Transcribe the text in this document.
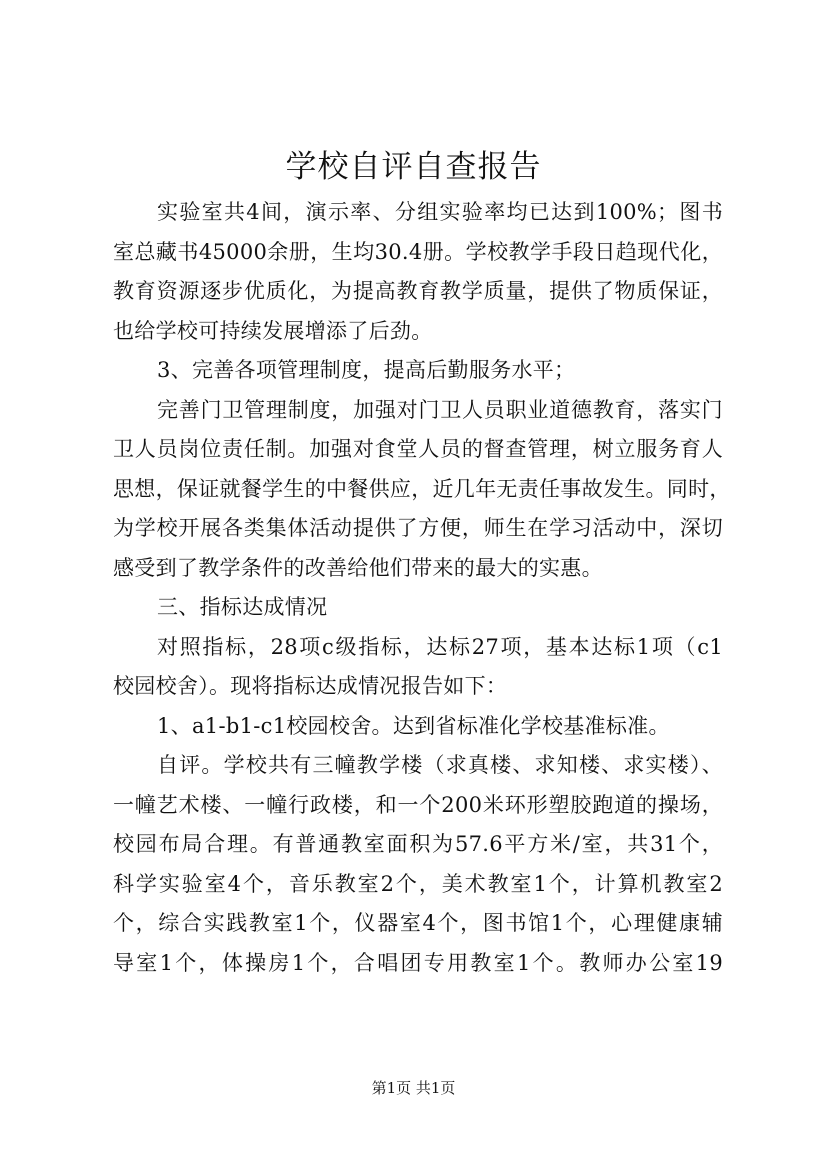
学校自评自查报告
实验室共4间，演示率、分组实验率均已达到100%；图书
室总藏书45000余册，生均30.4册。学校教学手段日趋现代化，
教育资源逐步优质化，为提高教育教学质量，提供了物质保证，
也给学校可持续发展增添了后劲。
3、完善各项管理制度，提高后勤服务水平；
完善门卫管理制度，加强对门卫人员职业道德教育，落实门
卫人员岗位责任制。加强对食堂人员的督查管理，树立服务育人
思想，保证就餐学生的中餐供应，近几年无责任事故发生。同时，
为学校开展各类集体活动提供了方便，师生在学习活动中，深切
感受到了教学条件的改善给他们带来的最大的实惠。
三、指标达成情况
对照指标，28项c级指标，达标27项，基本达标1项（c1
校园校舍）。现将指标达成情况报告如下：
1、a1-b1-c1校园校舍。达到省标准化学校基准标准。
自评。学校共有三幢教学楼（求真楼、求知楼、求实楼）、
一幢艺术楼、一幢行政楼，和一个200米环形塑胶跑道的操场，
校园布局合理。有普通教室面积为57.6平方米/室，共31个，
科学实验室4个，音乐教室2个，美术教室1个，计算机教室2
个，综合实践教室1个，仪器室4个，图书馆1个，心理健康辅
导室1个，体操房1个，合唱团专用教室1个。教师办公室19
第1页 共1页
